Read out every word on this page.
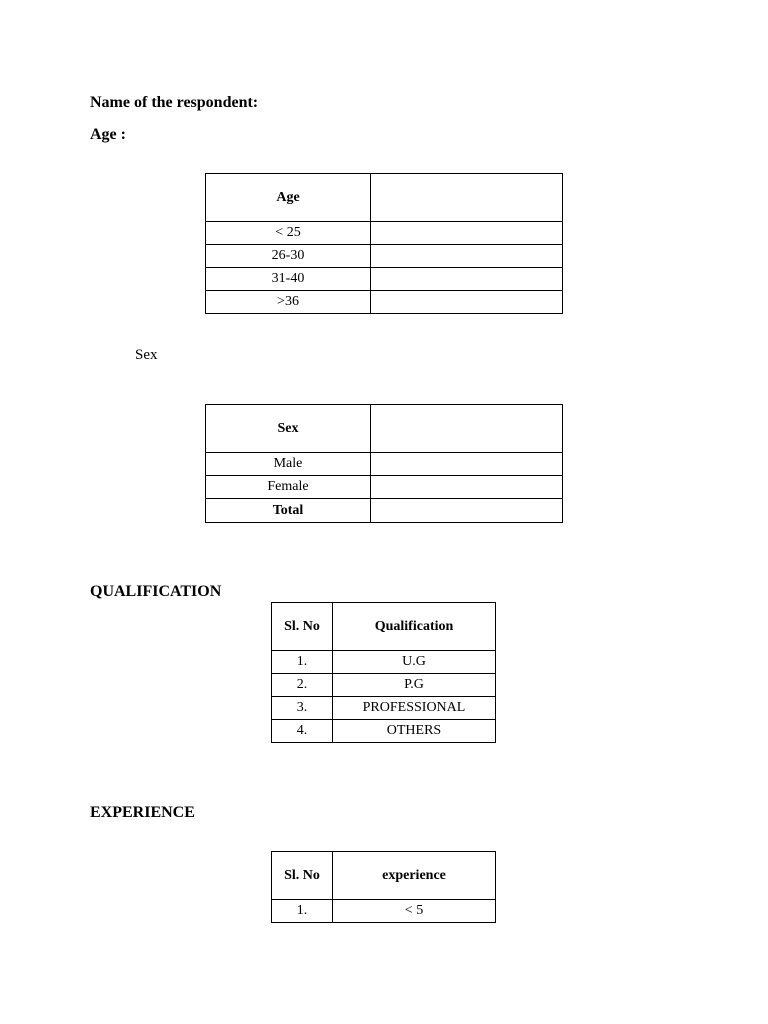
Name of the respondent:
Age :
Age	
< 25	
26-30	
31-40	
>36	
Sex
Sex	
Male	
Female	
Total	
QUALIFICATION
Sl. No	Qualification
1.	U.G
2.	P.G
3.	PROFESSIONAL
4.	OTHERS
EXPERIENCE
Sl. No	experience
1.	< 5
